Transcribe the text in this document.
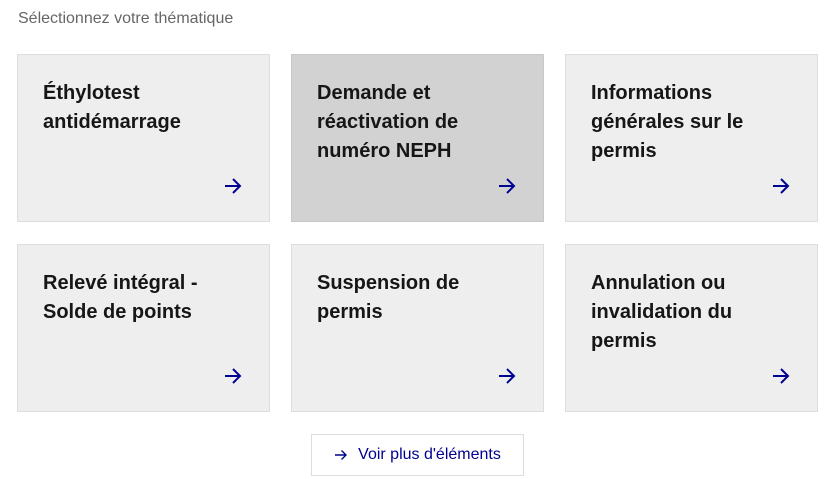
Sélectionnez votre thématique
Éthylotest antidémarrage
Demande et réactivation de numéro NEPH
Informations générales sur le permis
Relevé intégral - Solde de points
Suspension de permis
Annulation ou invalidation du permis
Voir plus d'éléments
